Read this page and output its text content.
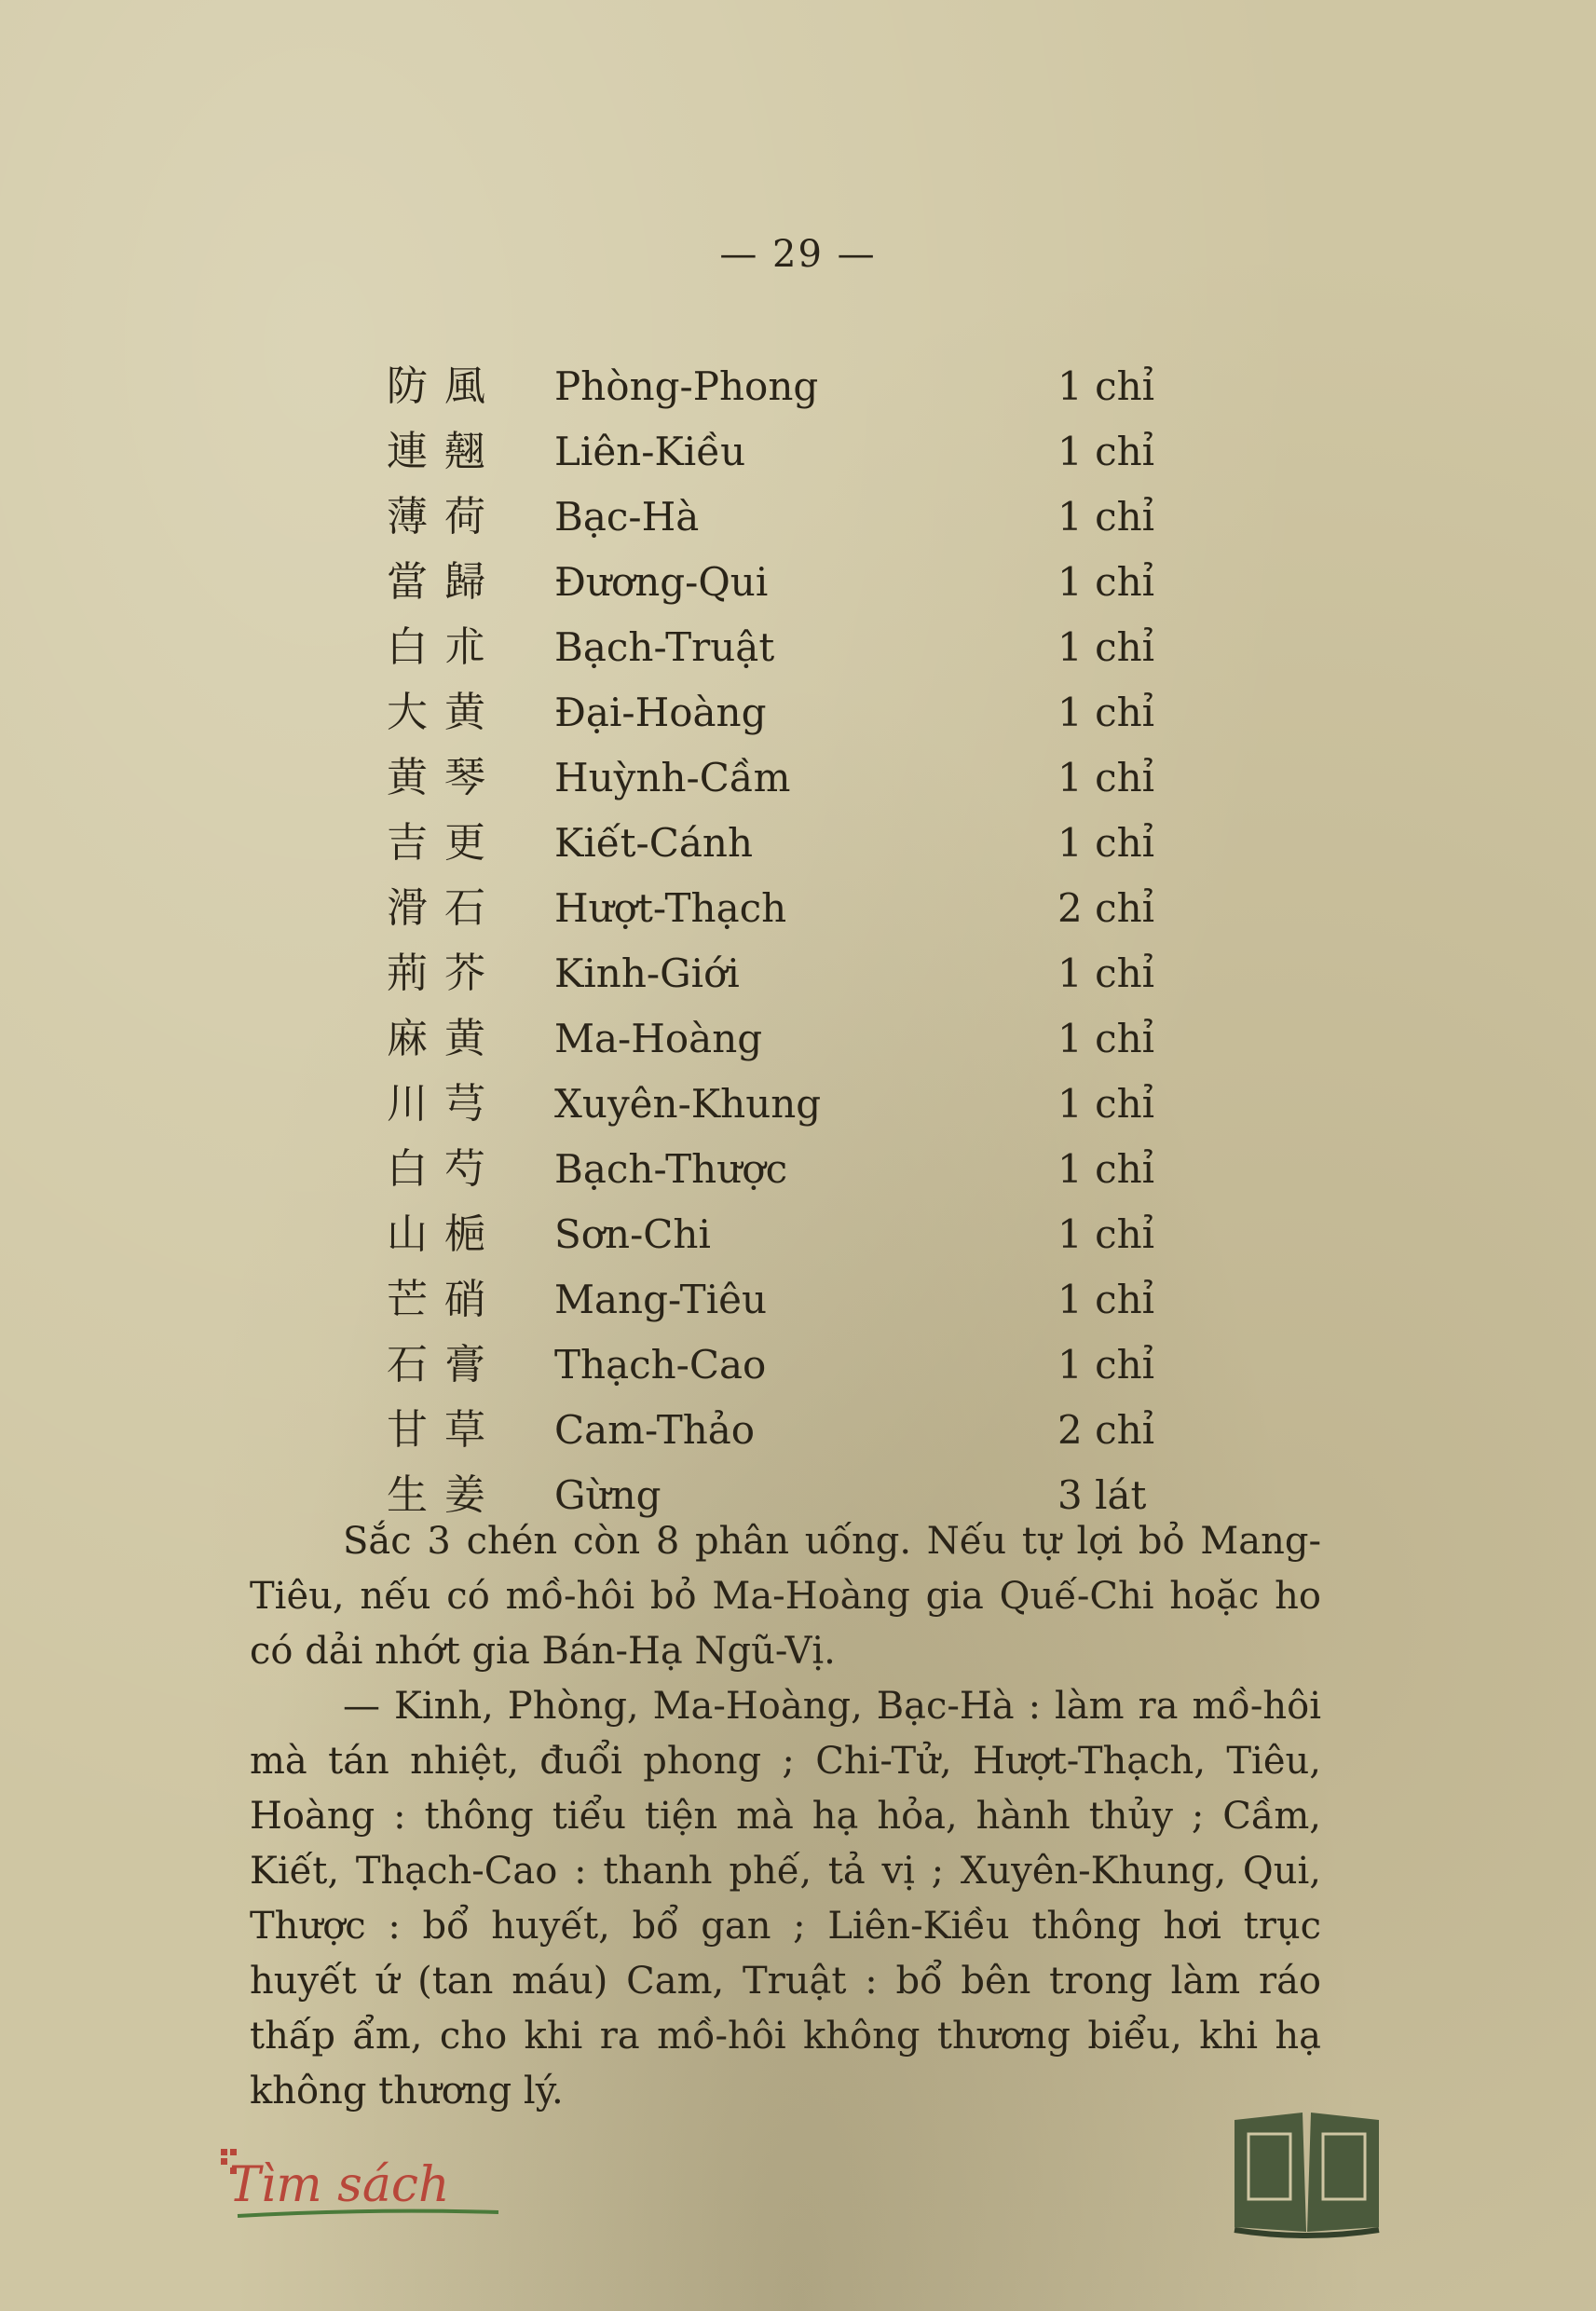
— 29 —
防風	Phòng-Phong	1 chỉ
連翹	Liên-Kiều	1 chỉ
薄荷	Bạc-Hà	1 chỉ
當歸	Đương-Qui	1 chỉ
白朮	Bạch-Truật	1 chỉ
大黄	Đại-Hoàng	1 chỉ
黄琴	Huỳnh-Cầm	1 chỉ
吉更	Kiết-Cánh	1 chỉ
滑石	Hượt-Thạch	2 chỉ
荊芥	Kinh-Giới	1 chỉ
麻黄	Ma-Hoàng	1 chỉ
川芎	Xuyên-Khung	1 chỉ
白芍	Bạch-Thược	1 chỉ
山梔	Sơn-Chi	1 chỉ
芒硝	Mang-Tiêu	1 chỉ
石膏	Thạch-Cao	1 chỉ
甘草	Cam-Thảo	2 chỉ
生姜	Gừng	3 lát
Sắc 3 chén còn 8 phân uống. Nếu tự lợi bỏ Mang-Tiêu, nếu có mồ-hôi bỏ Ma-Hoàng gia Quế-Chi hoặc ho có dải nhớt gia Bán-Hạ Ngũ-Vị.
— Kinh, Phòng, Ma-Hoàng, Bạc-Hà : làm ra mồ-hôi mà tán nhiệt, đuổi phong ; Chi-Tử, Hượt-Thạch, Tiêu, Hoàng : thông tiểu tiện mà hạ hỏa, hành thủy ; Cầm, Kiết, Thạch-Cao : thanh phế, tả vị ; Xuyên-Khung, Qui, Thược : bổ huyết, bổ gan ; Liên-Kiều thông hơi trục huyết ứ (tan máu) Cam, Truật : bổ bên trong làm ráo thấp ẩm, cho khi ra mồ-hôi không thương biểu, khi hạ không thương lý.
Tìm sách
